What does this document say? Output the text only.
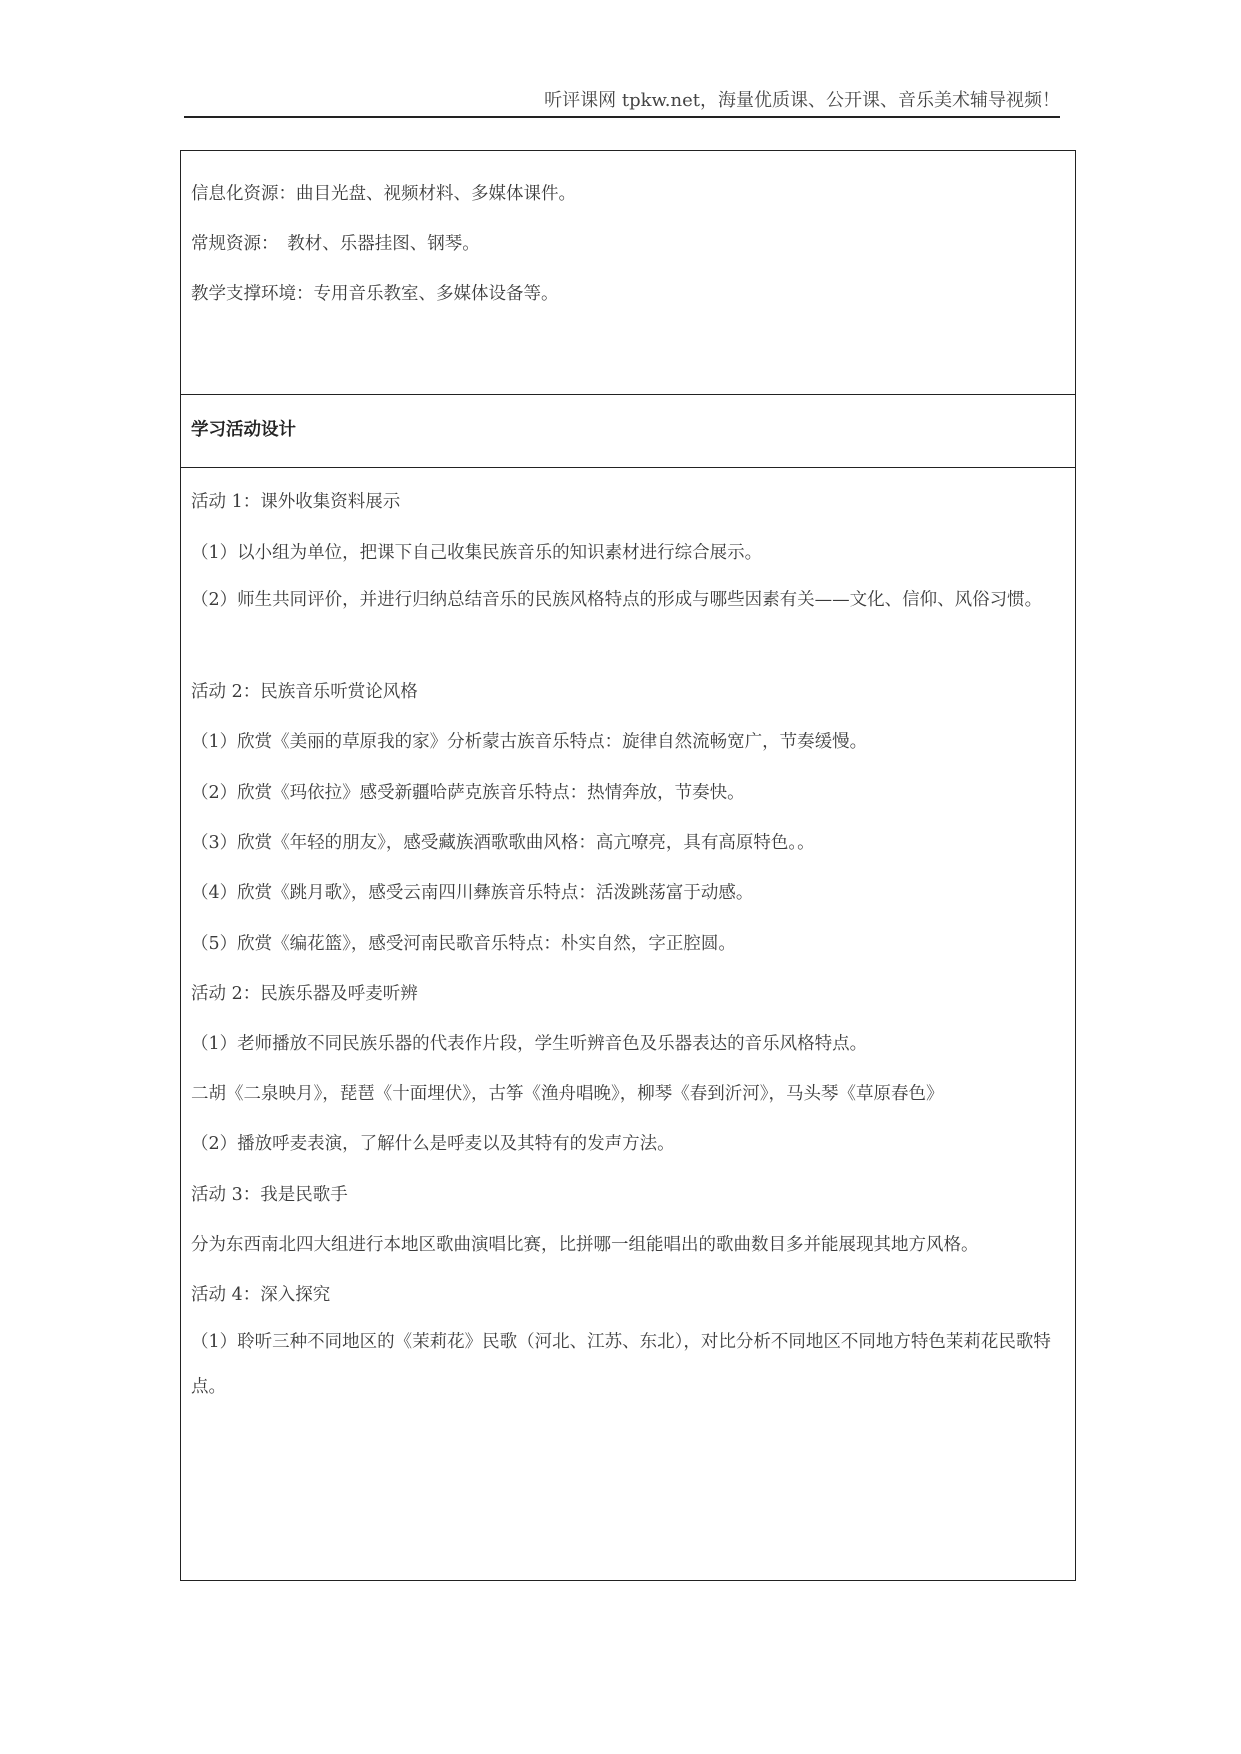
听评课网 tpkw.net，海量优质课、公开课、音乐美术辅导视频！

信息化资源：曲目光盘、视频材料、多媒体课件。

常规资源：　教材、乐器挂图、钢琴。

教学支撑环境：专用音乐教室、多媒体设备等。

学习活动设计

活动 1：课外收集资料展示

（1）以小组为单位，把课下自己收集民族音乐的知识素材进行综合展示。

（2）师生共同评价，并进行归纳总结音乐的民族风格特点的形成与哪些因素有关——文化、信仰、风俗习惯。

活动 2：民族音乐听赏论风格

（1）欣赏《美丽的草原我的家》分析蒙古族音乐特点：旋律自然流畅宽广，节奏缓慢。

（2）欣赏《玛依拉》感受新疆哈萨克族音乐特点：热情奔放，节奏快。

（3）欣赏《年轻的朋友》，感受藏族酒歌歌曲风格：高亢嘹亮，具有高原特色。。

（4）欣赏《跳月歌》，感受云南四川彝族音乐特点：活泼跳荡富于动感。

（5）欣赏《编花篮》，感受河南民歌音乐特点：朴实自然，字正腔圆。

活动 2：民族乐器及呼麦听辨

（1）老师播放不同民族乐器的代表作片段，学生听辨音色及乐器表达的音乐风格特点。

二胡《二泉映月》，琵琶《十面埋伏》，古筝《渔舟唱晚》，柳琴《春到沂河》，马头琴《草原春色》

（2）播放呼麦表演，了解什么是呼麦以及其特有的发声方法。

活动 3：我是民歌手

分为东西南北四大组进行本地区歌曲演唱比赛，比拼哪一组能唱出的歌曲数目多并能展现其地方风格。

活动 4：深入探究

（1）聆听三种不同地区的《茉莉花》民歌（河北、江苏、东北），对比分析不同地区不同地方特色茉莉花民歌特点。
